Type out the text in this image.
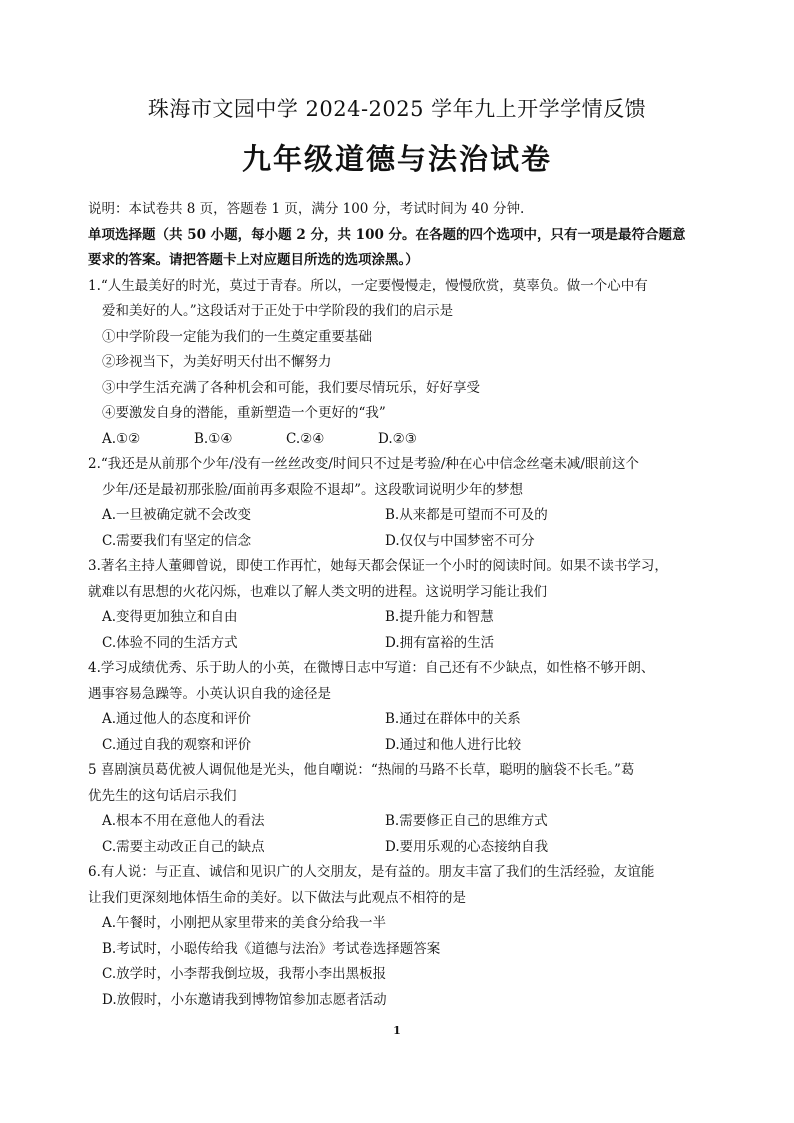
珠海市文园中学 2024-2025 学年九上开学学情反馈
九年级道德与法治试卷
说明：本试卷共 8 页，答题卷 1 页，满分 100 分，考试时间为 40 分钟.
单项选择题（共 50 小题，每小题 2 分，共 100 分。在各题的四个选项中，只有一项是最符合题意
要求的答案。请把答题卡上对应题目所选的选项涂黑。）
1.“人生最美好的时光，莫过于青春。所以，一定要慢慢走，慢慢欣赏，莫辜负。做一个心中有
爱和美好的人。”这段话对于正处于中学阶段的我们的启示是
①中学阶段一定能为我们的一生奠定重要基础
②珍视当下，为美好明天付出不懈努力
③中学生活充满了各种机会和可能，我们要尽情玩乐，好好享受
④要激发自身的潜能，重新塑造一个更好的“我”
A.①②	B.①④	C.②④	D.②③
2.“我还是从前那个少年/没有一丝丝改变/时间只不过是考验/种在心中信念丝毫未减/眼前这个
少年/还是最初那张脸/面前再多艰险不退却”。这段歌词说明少年的梦想
A.一旦被确定就不会改变	B.从来都是可望而不可及的
C.需要我们有坚定的信念	D.仅仅与中国梦密不可分
3.著名主持人董卿曾说，即使工作再忙，她每天都会保证一个小时的阅读时间。如果不读书学习，
就难以有思想的火花闪烁，也难以了解人类文明的进程。这说明学习能让我们
A.变得更加独立和自由	B.提升能力和智慧
C.体验不同的生活方式	D.拥有富裕的生活
4.学习成绩优秀、乐于助人的小英，在微博日志中写道：自己还有不少缺点，如性格不够开朗、
遇事容易急躁等。小英认识自我的途径是
A.通过他人的态度和评价	B.通过在群体中的关系
C.通过自我的观察和评价	D.通过和他人进行比较
5 喜剧演员葛优被人调侃他是光头，他自嘲说：“热闹的马路不长草，聪明的脑袋不长毛。”葛
优先生的这句话启示我们
A.根本不用在意他人的看法	B.需要修正自己的思维方式
C.需要主动改正自己的缺点	D.要用乐观的心态接纳自我
6.有人说：与正直、诚信和见识广的人交朋友，是有益的。朋友丰富了我们的生活经验，友谊能
让我们更深刻地体悟生命的美好。以下做法与此观点不相符的是
A.午餐时，小刚把从家里带来的美食分给我一半
B.考试时，小聪传给我《道德与法治》考试卷选择题答案
C.放学时，小李帮我倒垃圾，我帮小李出黑板报
D.放假时，小东邀请我到博物馆参加志愿者活动
1
